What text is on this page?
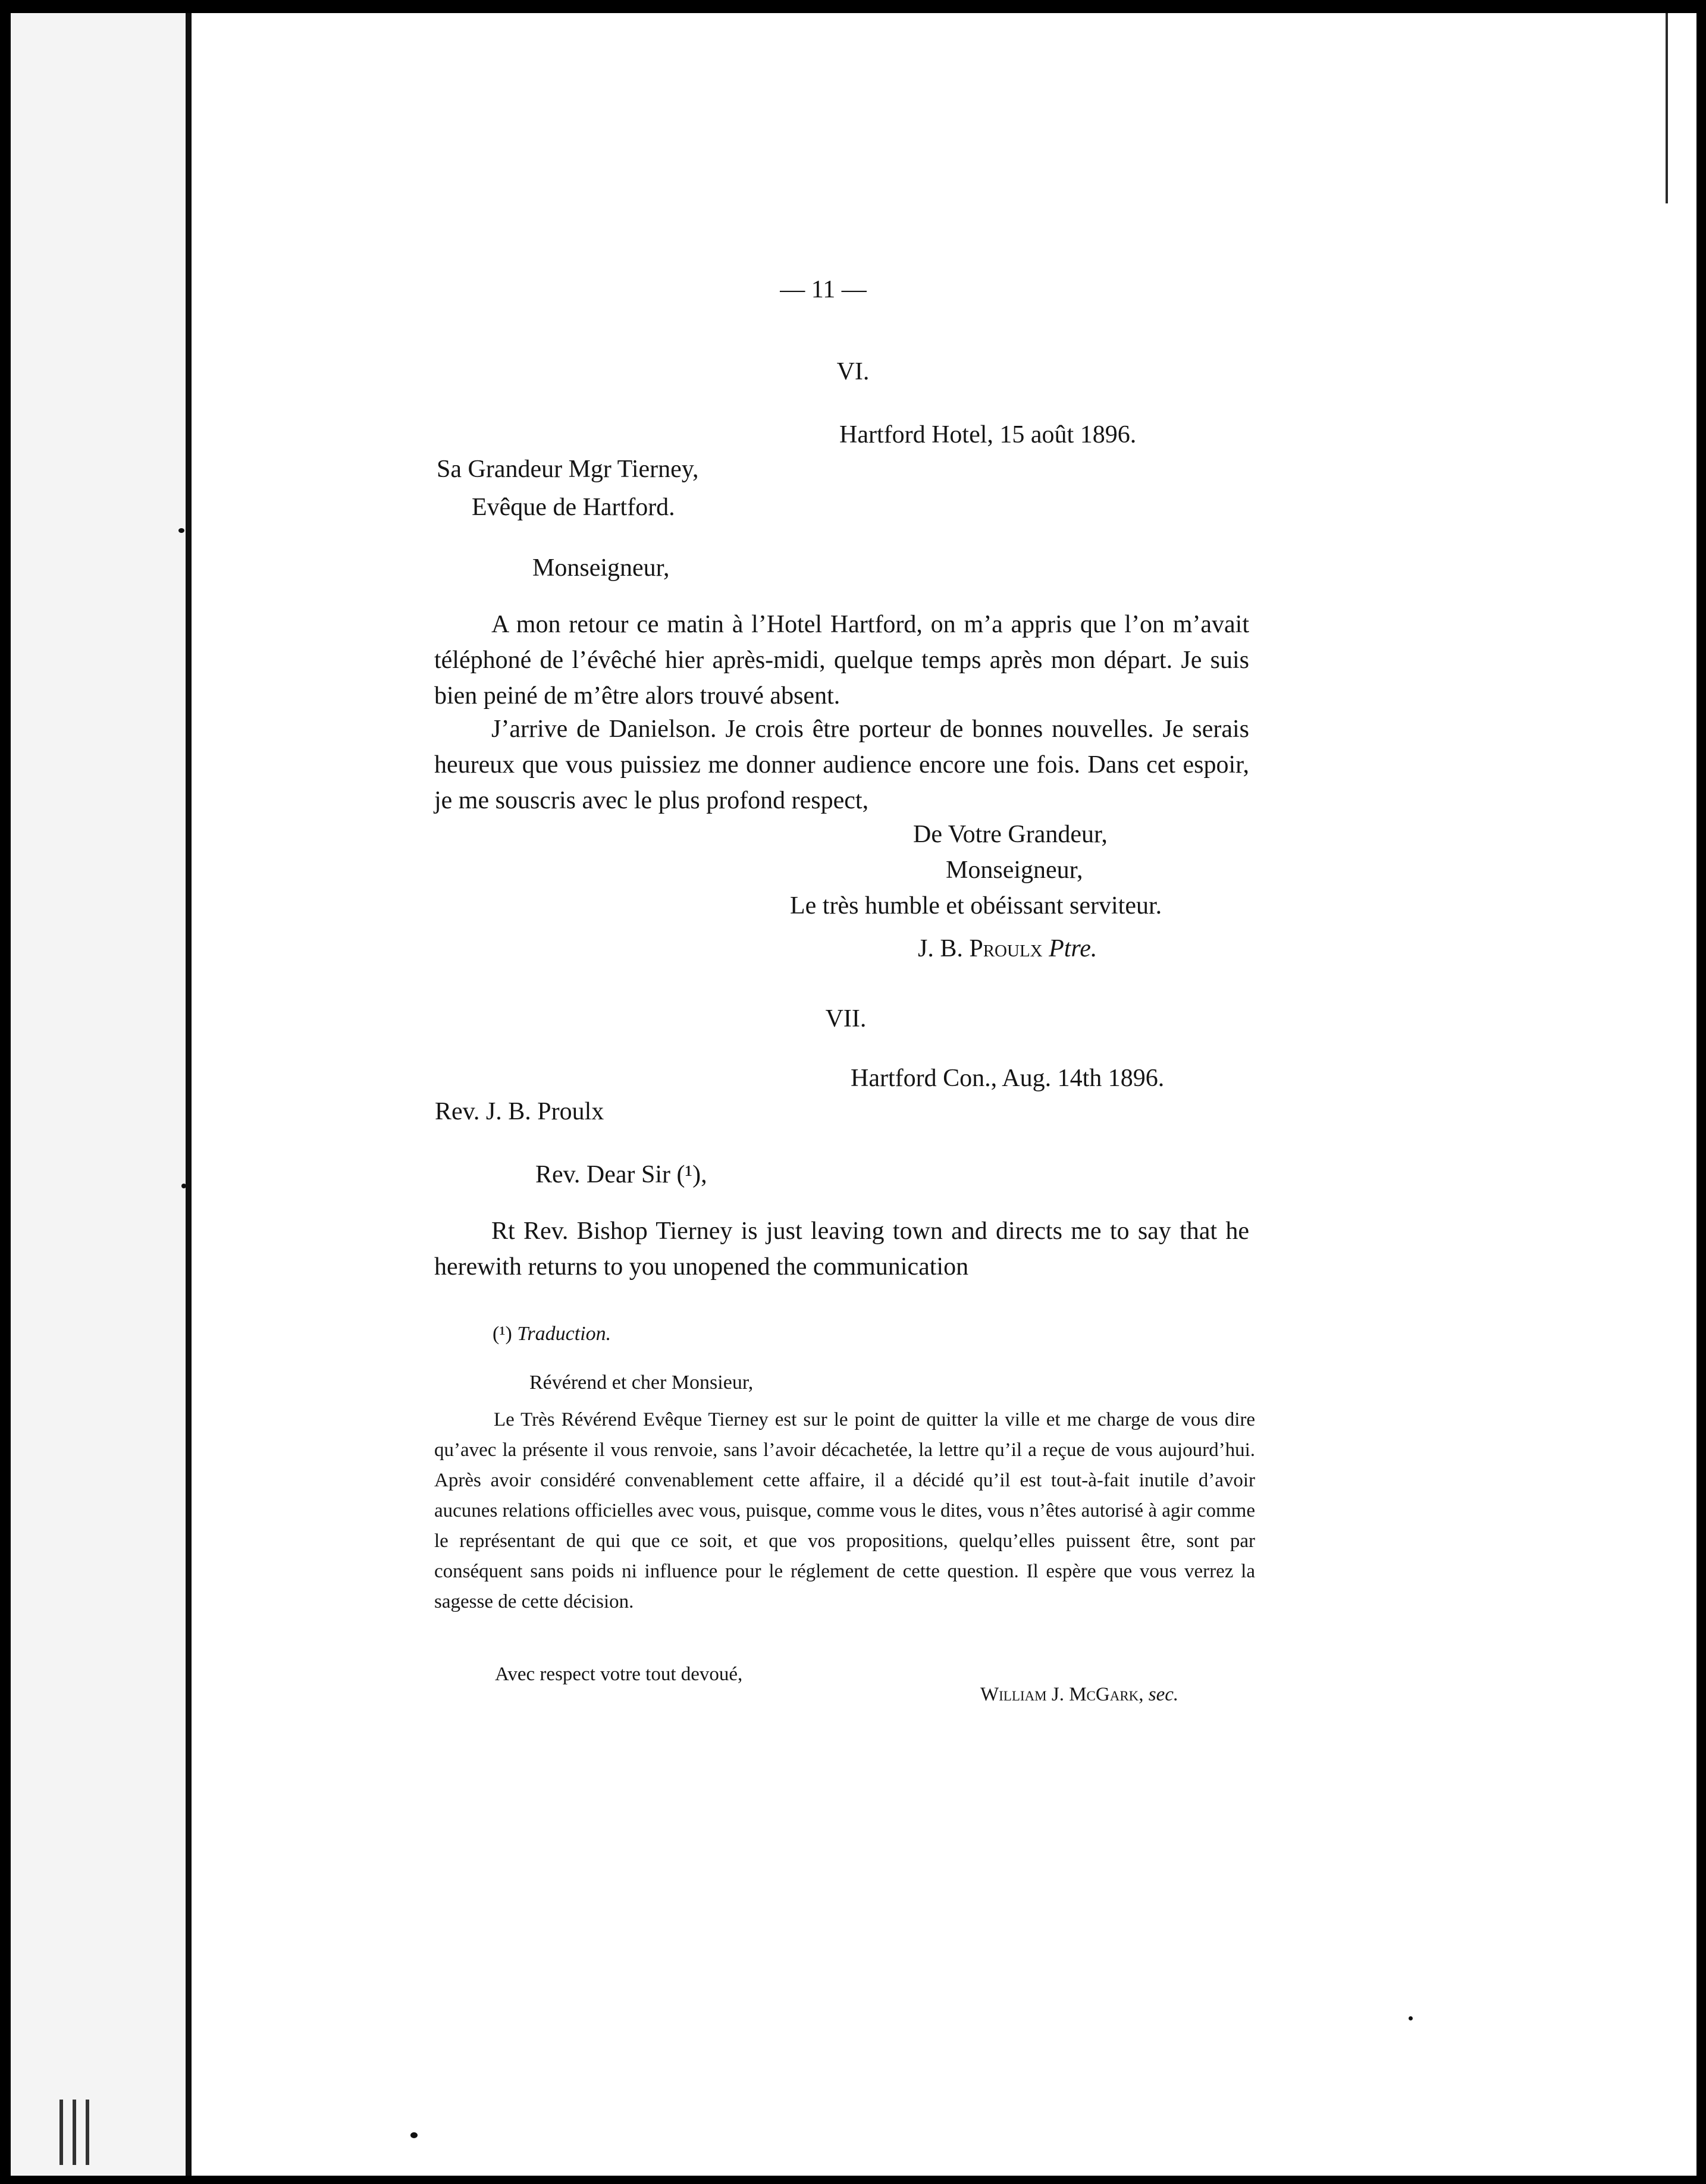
— 11 —
VI.
Hartford Hotel, 15 août 1896.
Sa Grandeur Mgr Tierney,
Evêque de Hartford.
Monseigneur,
A mon retour ce matin à l’Hotel Hartford, on m’a appris que l’on m’avait téléphoné de l’évêché hier après-midi, quelque temps après mon départ. Je suis bien peiné de m’être alors trouvé absent.
J’arrive de Danielson. Je crois être porteur de bonnes nouvelles. Je serais heureux que vous puissiez me donner audience encore une fois. Dans cet espoir, je me souscris avec le plus profond respect,
De Votre Grandeur,
Monseigneur,
Le très humble et obéissant serviteur.
J. B. Proulx Ptre.
VII.
Hartford Con., Aug. 14th 1896.
Rev. J. B. Proulx
Rev. Dear Sir (¹),
Rt Rev. Bishop Tierney is just leaving town and directs me to say that he herewith returns to you unopened the communication
(¹) Traduction.
Révérend et cher Monsieur,
Le Très Révérend Evêque Tierney est sur le point de quitter la ville et me charge de vous dire qu’avec la présente il vous renvoie, sans l’avoir décachetée, la lettre qu’il a reçue de vous aujourd’hui. Après avoir considéré convenablement cette affaire, il a décidé qu’il est tout-à-fait inutile d’avoir aucunes relations officielles avec vous, puisque, comme vous le dites, vous n’êtes autorisé à agir comme le représentant de qui que ce soit, et que vos propositions, quelqu’elles puissent être, sont par conséquent sans poids ni influence pour le réglement de cette question. Il espère que vous verrez la sagesse de cette décision.
Avec respect votre tout devoué,
William J. McGark, sec.
